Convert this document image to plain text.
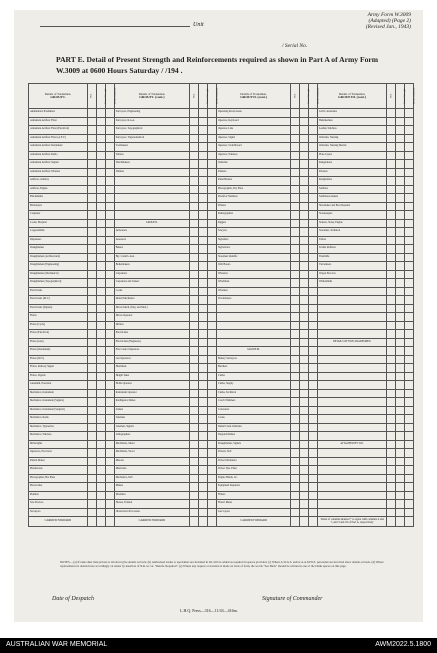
Unit
Army Form W.3009
(Adapted) (Page 2)
(Revised Jan., 1943)
/ Serial No.
PART E. Detail of Present Strength and Reinforcements required as shown in Part A of Army Form W.3009 at 0600 Hours Saturday / /194 .
Details of Tradesmen.
GROUP I.	W.E.	Posted Strength.	Reinfs. Required.	Details of Tradesmen.
GROUP I. (cont.)	W.E.	Posted Strength.	Reinfs. Required.	Details of Tradesmen.
GROUP II. (cont.)	W.E.	Posted Strength.	Reinfs. Required.	Details of Tradesmen.
GROUP III. (cont.)	W.E.	Posted Strength.	Reinfs. Required.
Ammunition Examiners				Surveyors, Engineering				Operating Room Assts.				G.P.O. Assistants			
Armament Artificer Fitter				Surveyors, R.A.A.				Operator, Keyboard				Hammermen			
Armament Artificer Fitter (Electrical)				Surveyors, Topographical				Operator, Line				Leather Stitchers			
Armament Artificer Fitter (A.F.V.)				Surveyors, Trigonometrical				Operator, Signal				Orderlies, Nursing			
Armament Artificer Instrument				Toolmakers				Operator, Switchboard				Orderlies, Nursing Mental			
Armament Artificer Radio				Turners				Operator, Wireless				Plate Layers			
Armament Artificer Signals				Watchmakers				Orderlies				Rangetakers			
Armament Artificer Wireless				Welders				Painters				Riveters			
Artificer, Artillery								Panel Beaters				Roughriders			
Artificer, Engine								Photographer, Dry Plate				Saddlers			
Blacksmiths								Predictor Numbers				Saddletree makers			
Bricklayers								Printers				Shoemaker and Boot Repairer			
Carpenter								Radiographers				Storekeepers			
Cooks, Hospital				GROUP II.				Riggers				Stokers, Stoky. Engine			
Coppersmiths				Armourers				Sawyers				Storemen, Technical			
Dispensers				Assessors				Signallers				Tailors			
Draughtsmen				Bakers				Signwriters				Textile Refitters			
Draughtsmen (Architectural)				Bty. Comd's. Asst.				Storemen Identific.				Tinsmiths			
Draughtsmen (Engineering)				Boilermakers				Well Borers				Vulcanizers			
Draughtsmen (Mechanical)				Carpenters				Wheelers				Wagon Erectors			
Draughtsmen (Topographical)				Carpenters and Joiners				Winchmen				Whitesmiths			
Electricians				Cooks				Wiremen							
Electricians (M.V.)				Dental Mechanics				Woodturners							
Electricians (Signals)				Driver-Mech. (Eng. and Mod.)											
Fitters				Driver-Operator											
Fitters (Cycle)				Drillers											
Fitters (Electrical)				Electricians											
Fitters (Gun)				Electricians (Engineers)								DETAILS OF NON-TRADESMEN.			
Fitters (Instrument)				Fire Control Operators				GROUP III.							
Fitters (M.V.)				Gas Operators				Battery Surveyors							
Fitters, Railway Signal				Hatchmen				Butchers							
Fitters, Signals				Height Taker				Clerks							
Gunsmith, Precision				Hollis Operator				Clerks, Supply							
Mechanics, Instrument				Instrument Operator				Clerks, Technical							
Mechanics, Instrument (Signals)				Intelligence Duties				Coach Trimmers							
Mechanics, Instrument (Surgical)				Joiners				Concreters							
Mechanics, Radio				Linemen				Cooks							
Mechanics, Typewriter				Linemen, Signals				Dental Clerk Orderlies							
Mechanics, Wireless				Lithographers				Despatch Riders							
Millwrights				Machinists, Metal				Draughtsmen, Signals				ATTACHED BY W.E.			
Operators, Excavator				Machinists, Wood				Drivers, M.T.							
Pattern Maker				Masons				Driver Mechanics							
Pharmacists				Musicians				Driver Tpts. Plant							
Photographer, Hot Plate				Mechanics, M.T.				Engine Hands, I.C.							
Photowriter				Miners				Equipment Repairers							
Plumber				Moulders				Fillters							
Saw Doctors				Nurses, Trained				Fitters' Mates							
Surveyors				Observation Post Assts.				Gas Layers							
CARRIED FORWARD				CARRIED FORWARD				CARRIED FORWARD				Totals of columns marked * to agree with columns 4 and 7, and 3 and 18 of Part A, respectively			
NOTES.—(a) If rank other than private is involved give details on back. (b) Authorised trades or specialists not included in list will be added as required in spaces provided. (c) Where A.W.A.S. and/or A.A.M.W.S. personnel are involved show details on back. (d) Where replacement not desired note accordingly on return by insertion of N.R. in col. "Reinfs. Required". (e) Where any request or notation is made on back of form, the words "See Back" should be written in one of the blank spaces on this page.
Date of Despatch	Signature of Commander
L.H.Q. Press—316—11/43—416m.
AUSTRALIAN WAR MEMORIAL	AWM2022.5.1800
